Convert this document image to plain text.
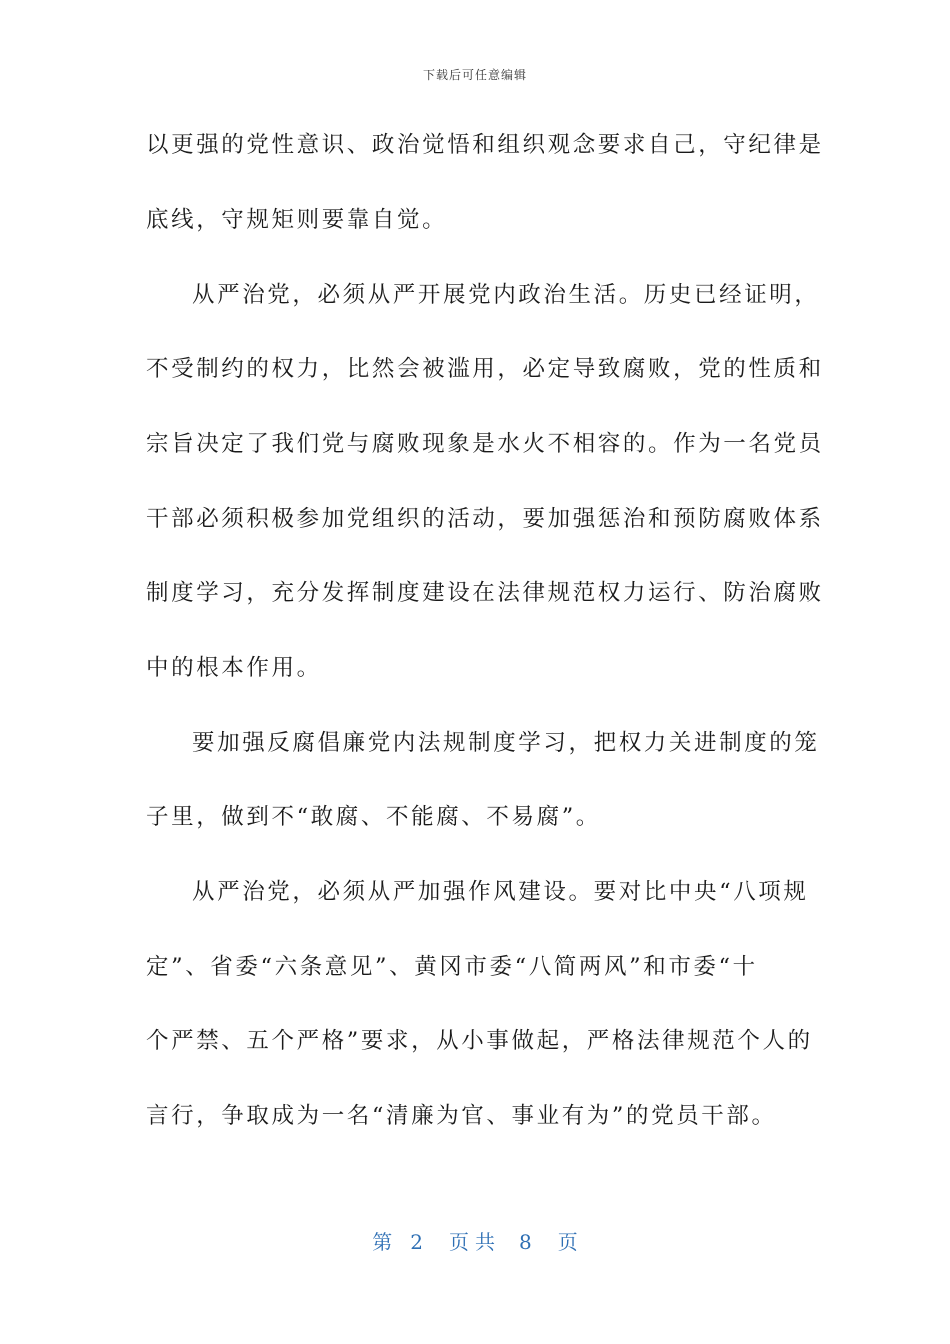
下载后可任意编辑
以更强的党性意识、政治觉悟和组织观念要求自己，守纪律是
底线，守规矩则要靠自觉。
从严治党，必须从严开展党内政治生活。历史已经证明，
不受制约的权力，比然会被滥用，必定导致腐败，党的性质和
宗旨决定了我们党与腐败现象是水火不相容的。作为一名党员
干部必须积极参加党组织的活动，要加强惩治和预防腐败体系
制度学习，充分发挥制度建设在法律规范权力运行、防治腐败
中的根本作用。
要加强反腐倡廉党内法规制度学习，把权力关进制度的笼
子里，做到不“敢腐、不能腐、不易腐”。
从严治党，必须从严加强作风建设。要对比中央“八项规
定”、省委“六条意见”、黄冈市委“八简两风”和市委“十
个严禁、五个严格”要求，从小事做起，严格法律规范个人的
言行，争取成为一名“清廉为官、事业有为”的党员干部。
第 2 页共 8 页
